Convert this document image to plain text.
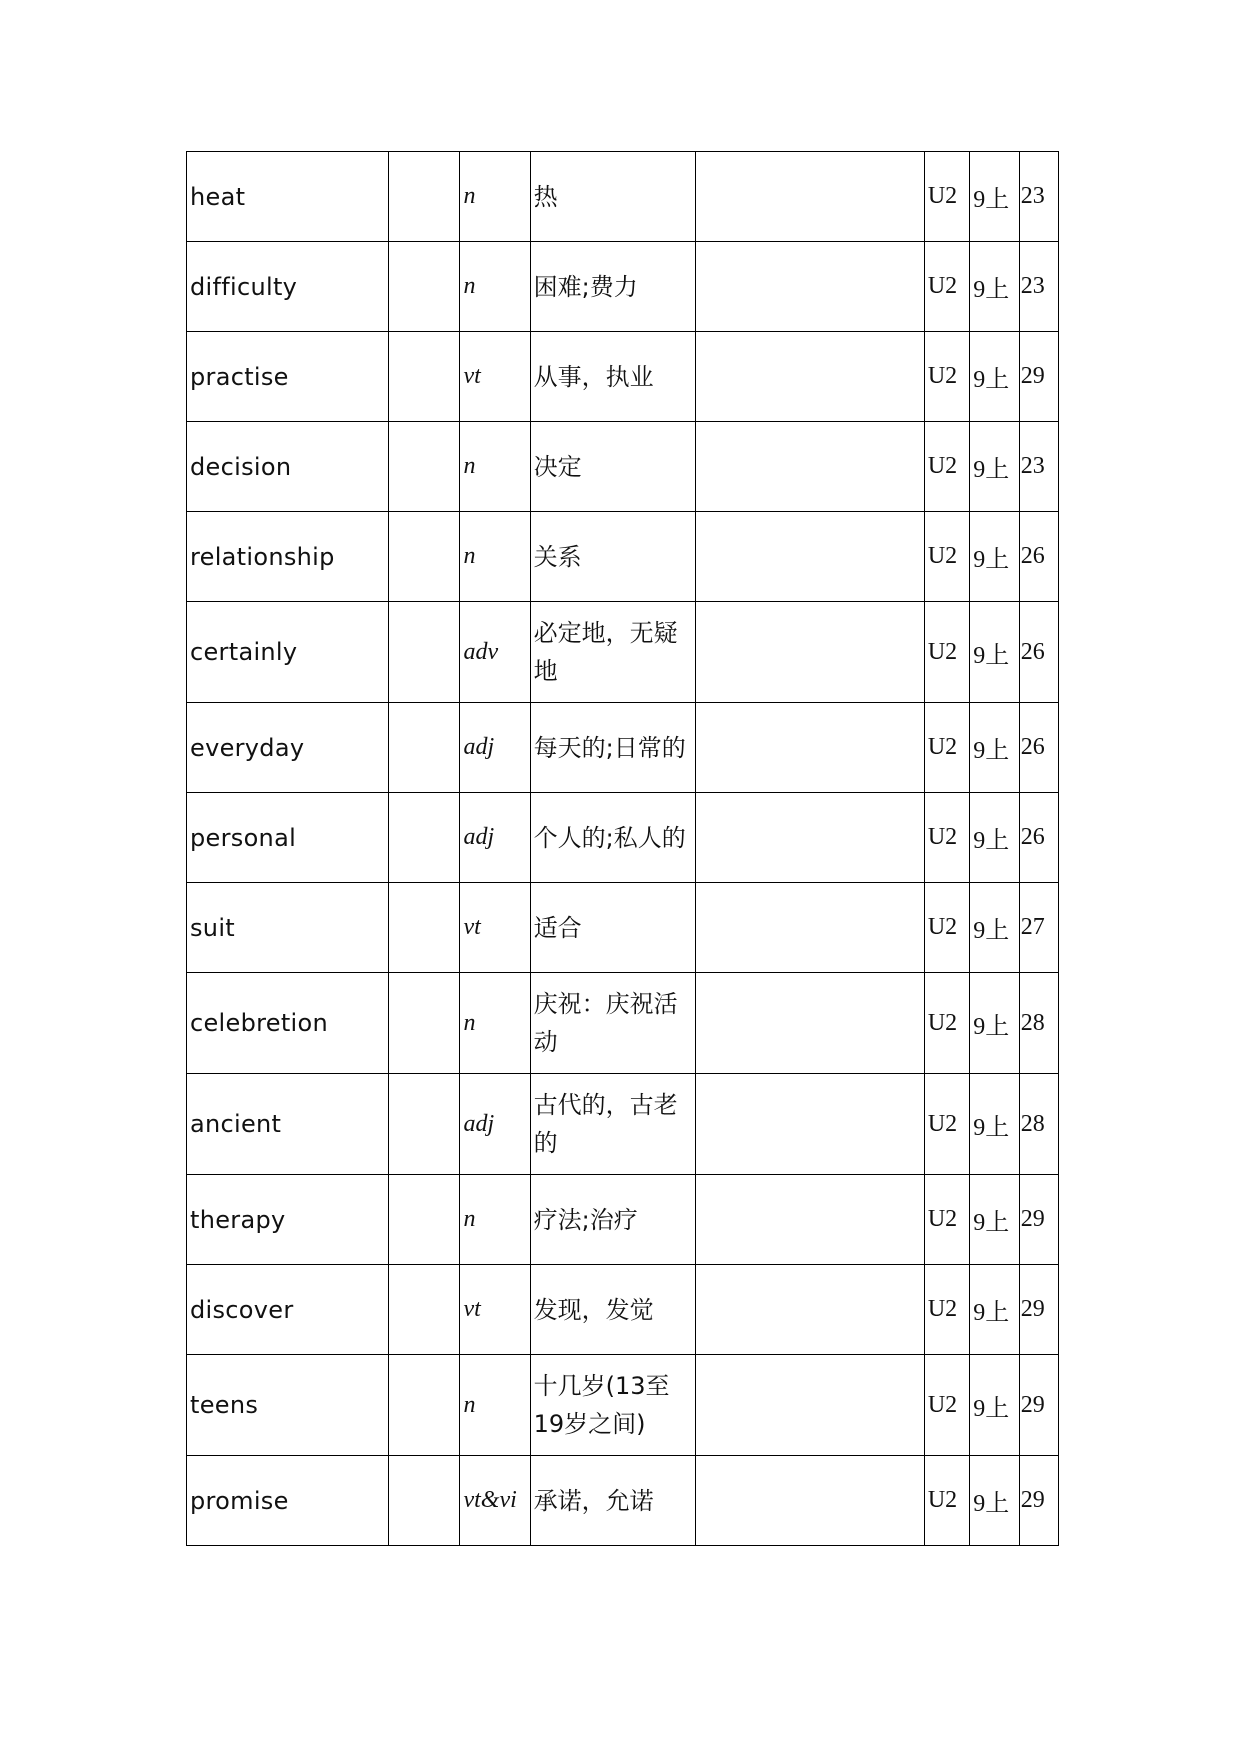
heat		n	热		U2	9上	23
difficulty		n	困难;费力		U2	9上	23
practise		vt	从事，执业		U2	9上	29
decision		n	决定		U2	9上	23
relationship		n	关系		U2	9上	26
certainly		adv	必定地，无疑地		U2	9上	26
everyday		adj	每天的;日常的		U2	9上	26
personal		adj	个人的;私人的		U2	9上	26
suit		vt	适合		U2	9上	27
celebretion		n	庆祝：庆祝活动		U2	9上	28
ancient		adj	古代的，古老的		U2	9上	28
therapy		n	疗法;治疗		U2	9上	29
discover		vt	发现，发觉		U2	9上	29
teens		n	十几岁(13至19岁之间)		U2	9上	29
promise		vt&vi	承诺，允诺		U2	9上	29
